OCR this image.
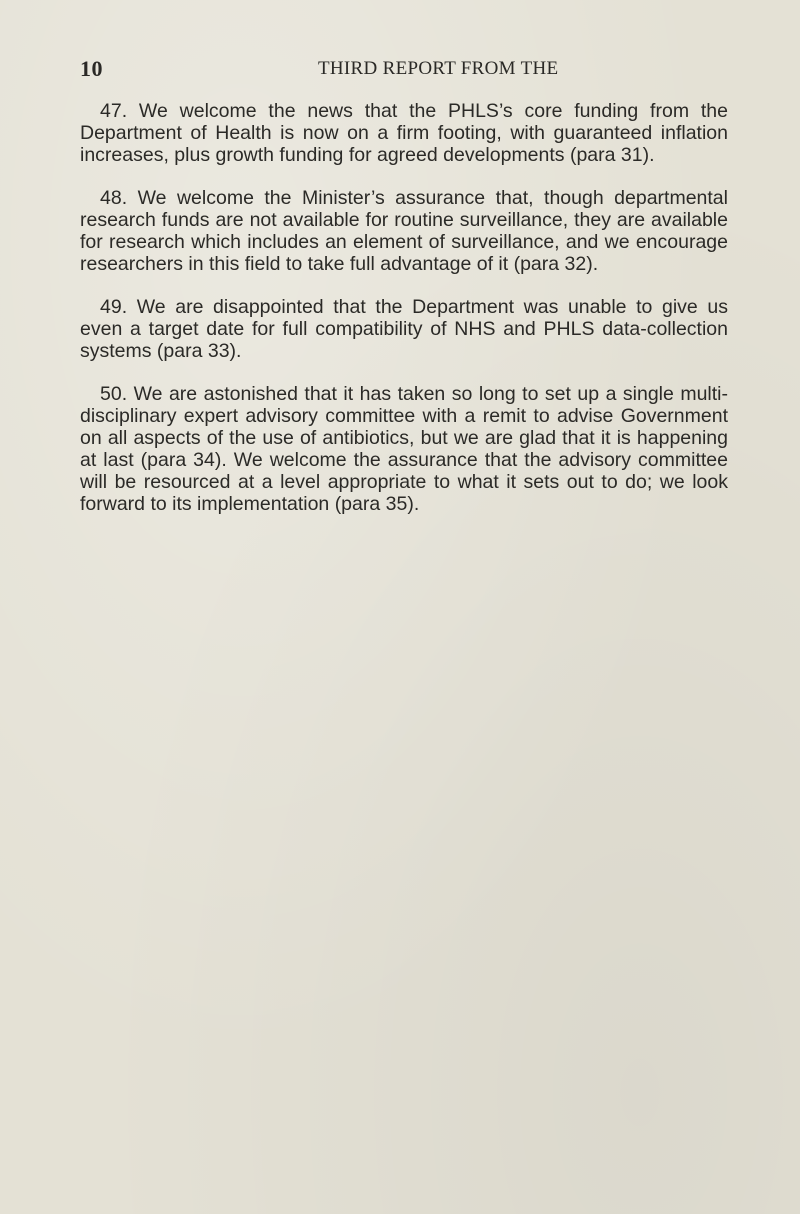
10	THIRD REPORT FROM THE

47. We welcome the news that the PHLS’s core funding from the Department of Health is now on a firm footing, with guaranteed inflation increases, plus growth funding for agreed developments (para 31).

48. We welcome the Minister’s assurance that, though departmental research funds are not available for routine surveillance, they are available for research which includes an element of surveillance, and we encourage researchers in this field to take full advantage of it (para 32).

49. We are disappointed that the Department was unable to give us even a target date for full compatibility of NHS and PHLS data-collection systems (para 33).

50. We are astonished that it has taken so long to set up a single multi-disciplinary expert advisory committee with a remit to advise Government on all aspects of the use of antibiotics, but we are glad that it is happening at last (para 34). We welcome the assurance that the advisory committee will be resourced at a level appropriate to what it sets out to do; we look forward to its implementation (para 35).
